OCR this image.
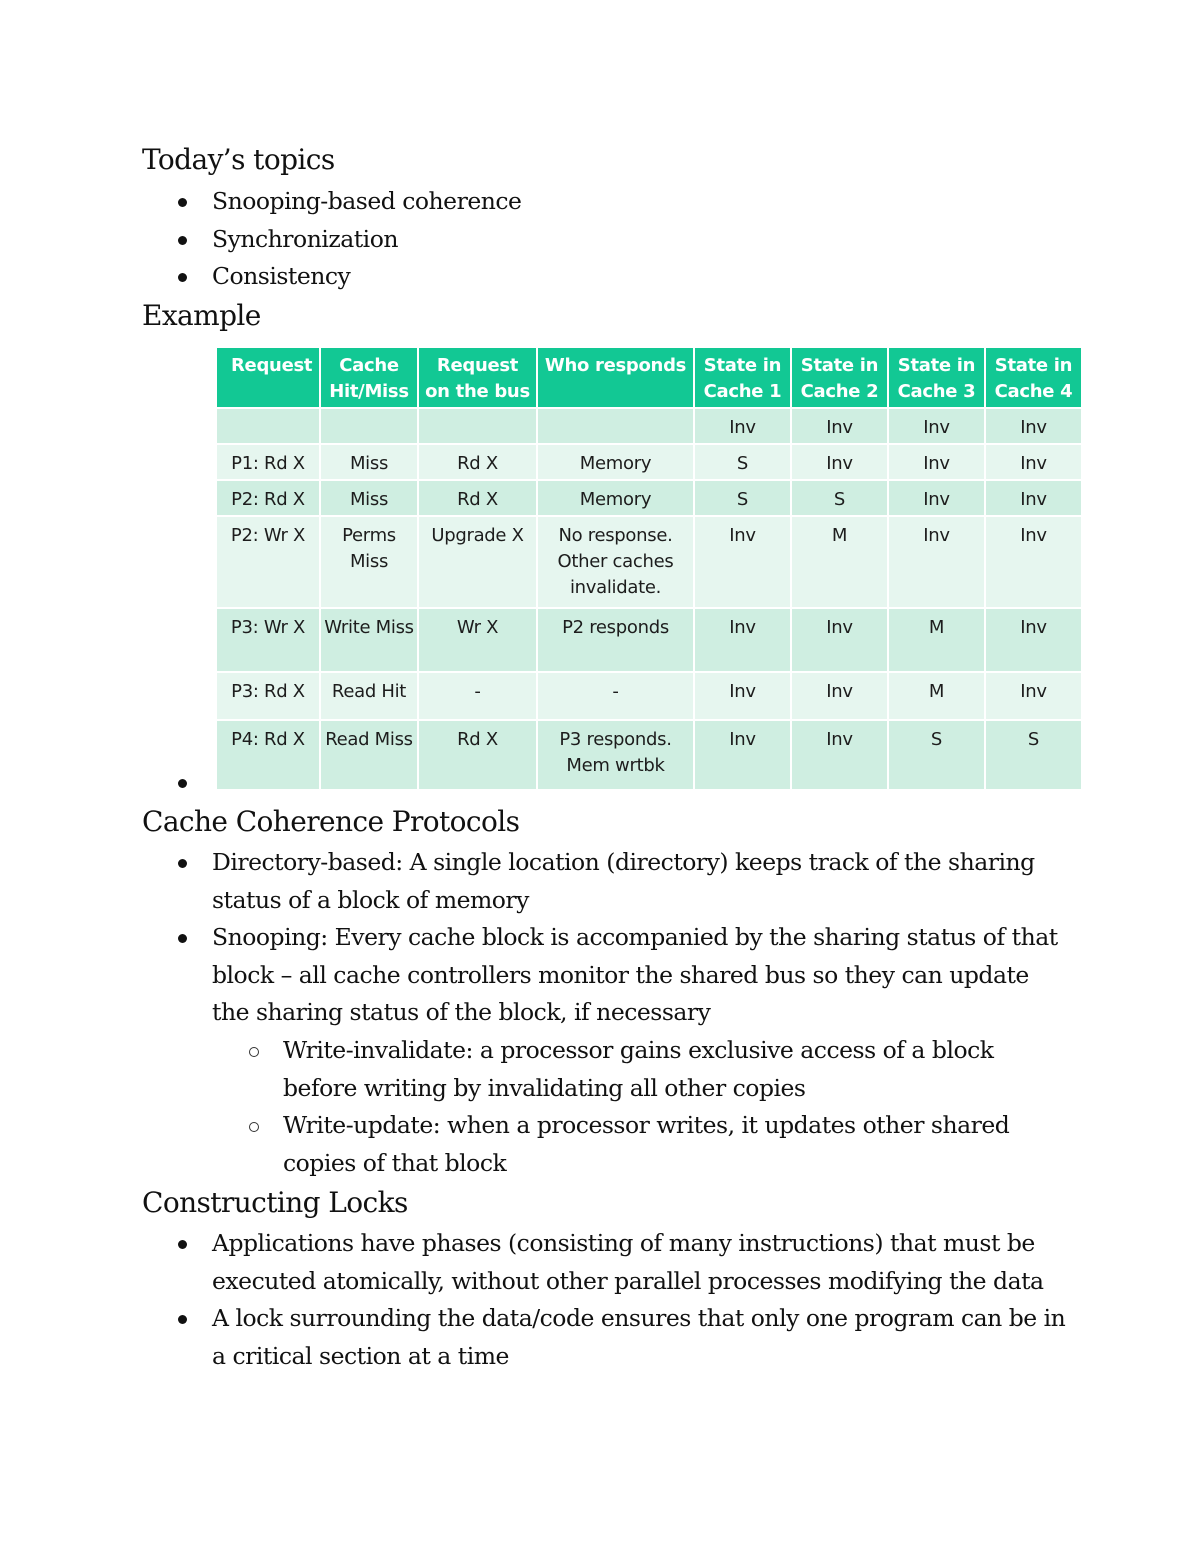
Today’s topics
Snooping-based coherence
Synchronization
Consistency
Example
Request	Cache Hit/Miss	Request on the bus	Who responds	State in Cache 1	State in Cache 2	State in Cache 3	State in Cache 4
				Inv	Inv	Inv	Inv
P1: Rd X	Miss	Rd X	Memory	S	Inv	Inv	Inv
P2: Rd X	Miss	Rd X	Memory	S	S	Inv	Inv
P2: Wr X	Perms Miss	Upgrade X	No response. Other caches invalidate.	Inv	M	Inv	Inv
P3: Wr X	Write Miss	Wr X	P2 responds	Inv	Inv	M	Inv
P3: Rd X	Read Hit	-	-	Inv	Inv	M	Inv
P4: Rd X	Read Miss	Rd X	P3 responds. Mem wrtbk	Inv	Inv	S	S
Cache Coherence Protocols
Directory-based: A single location (directory) keeps track of the sharing status of a block of memory
Snooping: Every cache block is accompanied by the sharing status of that block – all cache controllers monitor the shared bus so they can update the sharing status of the block, if necessary
Write-invalidate: a processor gains exclusive access of a block before writing by invalidating all other copies
Write-update: when a processor writes, it updates other shared copies of that block
Constructing Locks
Applications have phases (consisting of many instructions) that must be executed atomically, without other parallel processes modifying the data
A lock surrounding the data/code ensures that only one program can be in a critical section at a time
